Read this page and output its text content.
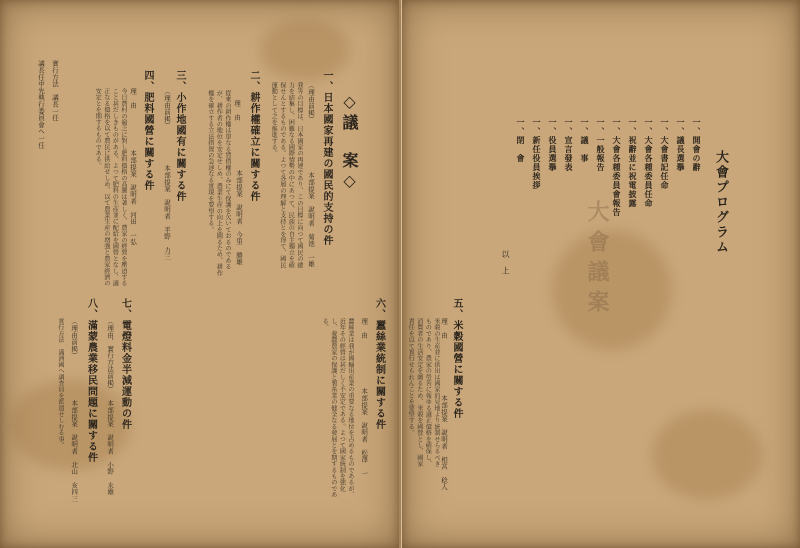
◇議　案◇
一、日本國家再建の國民的支持の件
本部提案　說明者　菊池　一雄
（理由前掲）
我等の目標は、日本國家の再建であり、この目標に向つて國民の總力を結集し、困難なる國際情勢の中にあつて、民族の自主獨立を確保せんとするものである。よつて各層の理解と支持とを得て、國民運動として之を推進する。
二、耕作權確立に關する件
本部提案　說明者　今里　勝雄
理　由
從來の耕作權は單なる賃借權のみにて保護を欠いておるのであるが、耕作者の地位を安定せしめ、農業生産の向上を圖るため、耕作權を確立する立法措置の急速なる實現を要望する。
三、小作地國有に關する件
本部提案　說明者　平野　力三
（理由前掲）
四、肥料國營に關する件
本部提案　說明者　河田　一弘
理　由
今日農村の窮乏に對し肥料價格の高騰は著しく、農家の經營を壓迫すること甚だしきものがある。よつて肥料の生産並に配給を國營となし、適正なる價格を以て農民に供給せしめ、以て農業生産の増強と農家經濟の安定とを期するものである。
實行方法　議長一任
議長任中先執行委員會へ一任
大會プログラム
以　上	大會議案
五、米穀國營に關する件
本部提案　說明者　相宮　稔人
理　由
米穀の生産並に供出は國家的見地より統制せらるべきものであり、農家の勞苦に報ゆる適正價格を確保し、消費者の生活安定を圖るため、米穀を國營とし、國家責任を以て實行せられんことを要望する。
一、開會の辭
一、議長選擧
一、大會書記任命
一、大會各種委員任命
一、祝辭並に祝電披露
一、大會各種委員會報告
一、一般報告
一、議　事
一、宣言發表
一、役員選擧
一、新任役員挨拶
一、閉　會
六、蠶絲業統制に關する件
本部提案　說明者　松澤　一
理　由
蠶絲業は我が國輸出産業の重要なる地位を占めるものであるが、近年その經營は甚だしく不安定である。よつて國家統制を強化し、養蠶農家の保護と製糸業の健全なる發展とを期するものである。
七、電燈料金半減運動の件
本部提案　說明者　小野　永雄
（理由、實行方法前掲）
八、滿蒙農業移民問題に關する件
本部提案　說明者　北山　亥四三
（理由前掲）
實行方法　滿洲國へ調査員を派遣せしむる事。
